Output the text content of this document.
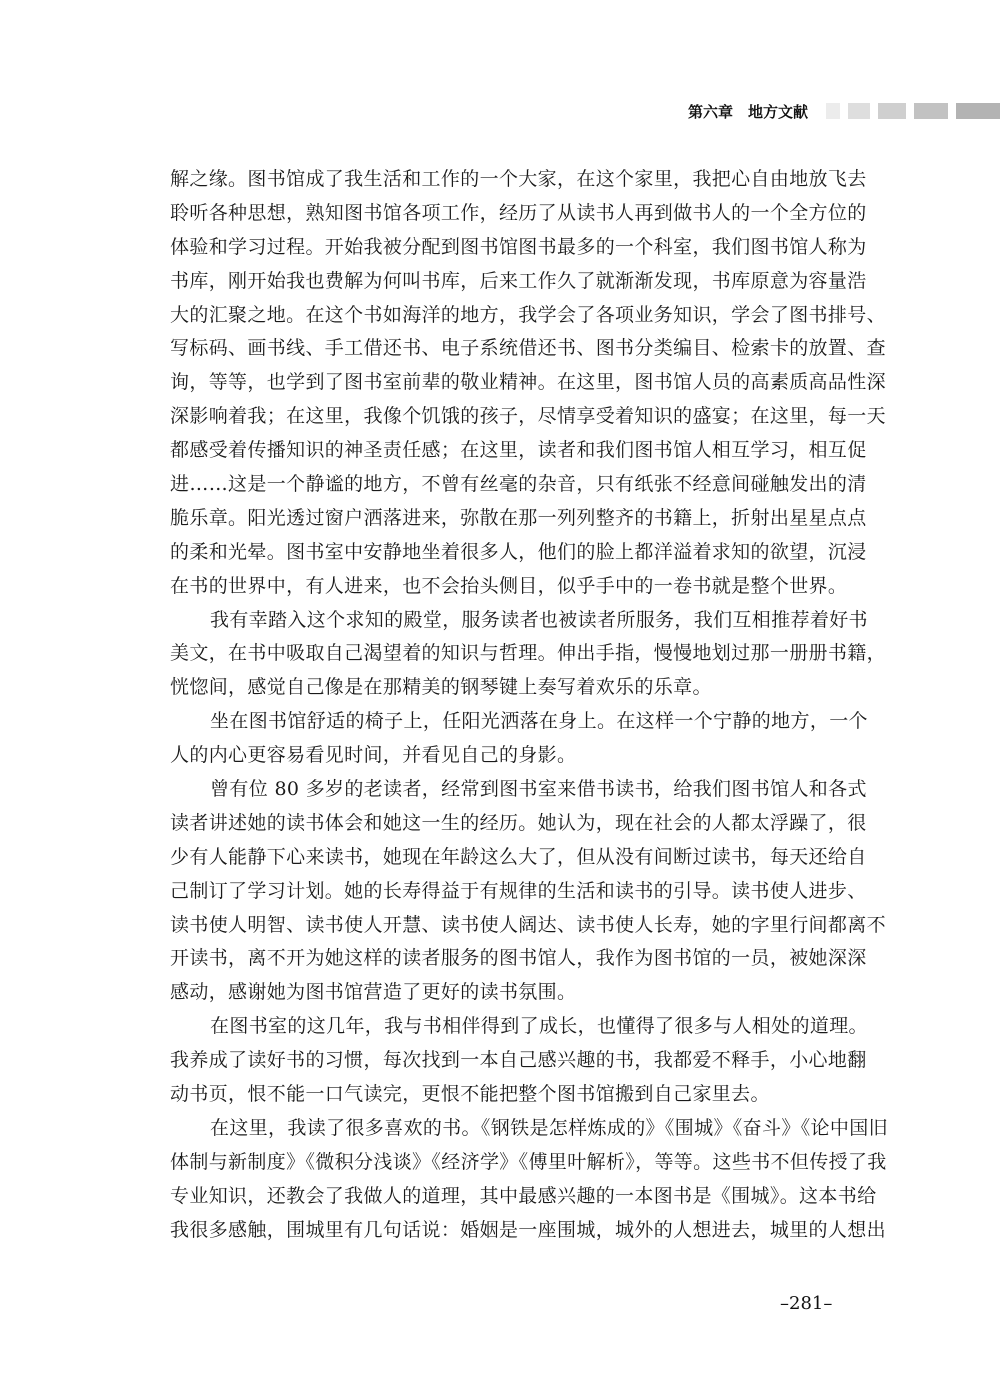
第六章　地方文献
解之缘。图书馆成了我生活和工作的一个大家，在这个家里，我把心自由地放飞去
聆听各种思想，熟知图书馆各项工作，经历了从读书人再到做书人的一个全方位的
体验和学习过程。开始我被分配到图书馆图书最多的一个科室，我们图书馆人称为
书库，刚开始我也费解为何叫书库，后来工作久了就渐渐发现，书库原意为容量浩
大的汇聚之地。在这个书如海洋的地方，我学会了各项业务知识，学会了图书排号、
写标码、画书线、手工借还书、电子系统借还书、图书分类编目、检索卡的放置、查
询，等等，也学到了图书室前辈的敬业精神。在这里，图书馆人员的高素质高品性深
深影响着我；在这里，我像个饥饿的孩子，尽情享受着知识的盛宴；在这里，每一天
都感受着传播知识的神圣责任感；在这里，读者和我们图书馆人相互学习，相互促
进……这是一个静谧的地方，不曾有丝毫的杂音，只有纸张不经意间碰触发出的清
脆乐章。阳光透过窗户洒落进来，弥散在那一列列整齐的书籍上，折射出星星点点
的柔和光晕。图书室中安静地坐着很多人，他们的脸上都洋溢着求知的欲望，沉浸
在书的世界中，有人进来，也不会抬头侧目，似乎手中的一卷书就是整个世界。
我有幸踏入这个求知的殿堂，服务读者也被读者所服务，我们互相推荐着好书
美文，在书中吸取自己渴望着的知识与哲理。伸出手指，慢慢地划过那一册册书籍，
恍惚间，感觉自己像是在那精美的钢琴键上奏写着欢乐的乐章。
坐在图书馆舒适的椅子上，任阳光洒落在身上。在这样一个宁静的地方，一个
人的内心更容易看见时间，并看见自己的身影。
曾有位 80 多岁的老读者，经常到图书室来借书读书，给我们图书馆人和各式
读者讲述她的读书体会和她这一生的经历。她认为，现在社会的人都太浮躁了，很
少有人能静下心来读书，她现在年龄这么大了，但从没有间断过读书，每天还给自
己制订了学习计划。她的长寿得益于有规律的生活和读书的引导。读书使人进步、
读书使人明智、读书使人开慧、读书使人阔达、读书使人长寿，她的字里行间都离不
开读书，离不开为她这样的读者服务的图书馆人，我作为图书馆的一员，被她深深
感动，感谢她为图书馆营造了更好的读书氛围。
在图书室的这几年，我与书相伴得到了成长，也懂得了很多与人相处的道理。
我养成了读好书的习惯，每次找到一本自己感兴趣的书，我都爱不释手，小心地翻
动书页，恨不能一口气读完，更恨不能把整个图书馆搬到自己家里去。
在这里，我读了很多喜欢的书。《钢铁是怎样炼成的》《围城》《奋斗》《论中国旧
体制与新制度》《微积分浅谈》《经济学》《傅里叶解析》，等等。这些书不但传授了我
专业知识，还教会了我做人的道理，其中最感兴趣的一本图书是《围城》。这本书给
我很多感触，围城里有几句话说：婚姻是一座围城，城外的人想进去，城里的人想出
–281–
